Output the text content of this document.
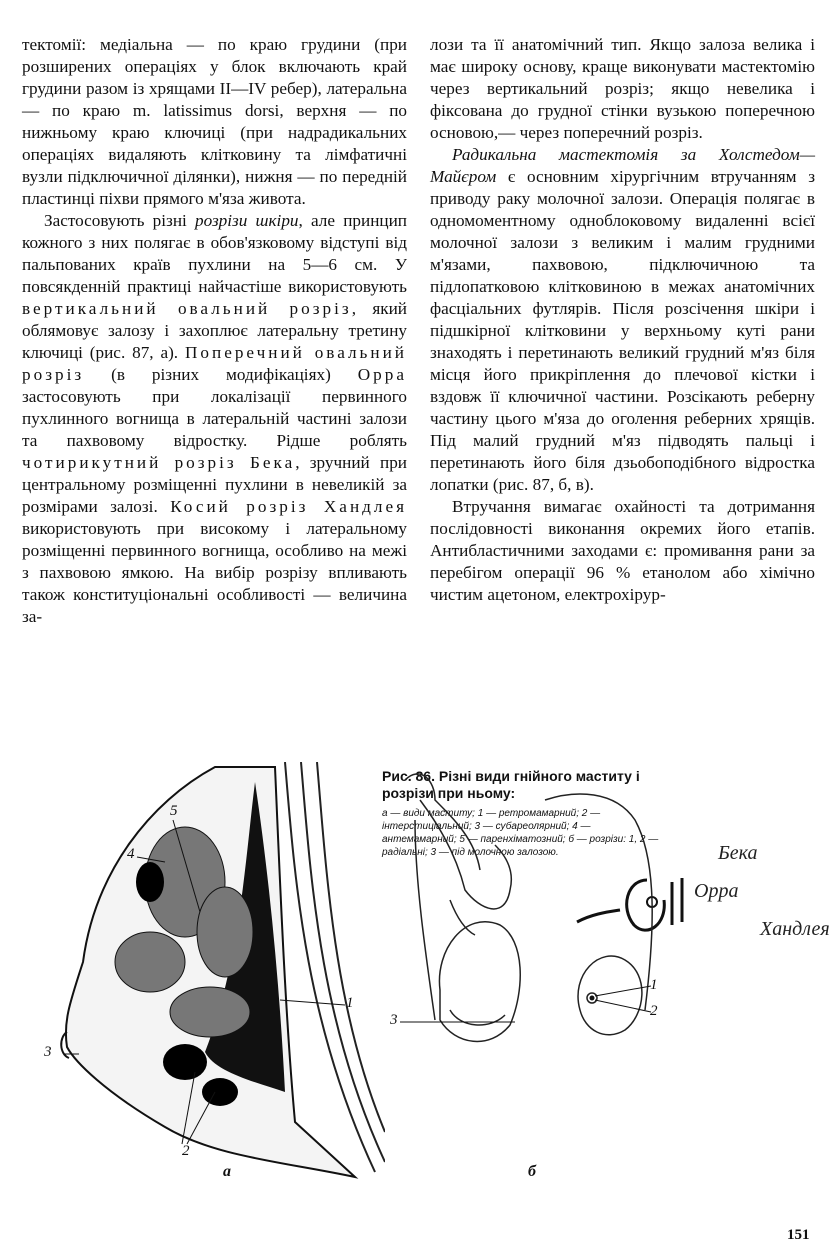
тектомії: медіальна — по краю грудини (при розширених операціях у блок включають край грудини разом із хрящами II—IV ребер), латеральна — по краю m. latissimus dorsi, верхня — по нижньому краю ключиці (при надрадикальних операціях видаляють клітковину та лімфатичні вузли підключичної ділянки), нижня — по передній пластинці піхви прямого м'яза живота.

Застосовують різні розрізи шкіри, але принцип кожного з них полягає в обов'язковому відступі від пальпованих країв пухлини на 5—6 см. У повсякденній практиці найчастіше використовують вертикальний овальний розріз, який облямовує залозу і захоплює латеральну третину ключиці (рис. 87, а). Поперечний овальний розріз (в різних модифікаціях) Орра застосовують при локалізації первинного пухлинного вогнища в латеральній частині залози та пахвовому відростку. Рідше роблять чотирикутний розріз Бека, зручний при центральному розміщенні пухлини в невеликій за розмірами залозі. Косий розріз Хандлея використовують при високому і латеральному розміщенні первинного вогнища, особливо на межі з пахвовою ямкою. На вибір розрізу впливають також конституціональні особливості — величина за-

лози та її анатомічний тип. Якщо залоза велика і має широку основу, краще виконувати мастектомію через вертикальний розріз; якщо невелика і фіксована до грудної стінки вузькою поперечною основою,— через поперечний розріз.

Радикальна мастектомія за Холстедом—Майєром є основним хірургічним втручанням з приводу раку молочної залози. Операція полягає в одномоментному одноблоковому видаленні всієї молочної залози з великим і малим грудними м'язами, пахвовою, підключичною та підлопатковою клітковиною в межах анатомічних фасціальних футлярів. Після розсічення шкіри і підшкірної клітковини у верхньому куті рани знаходять і перетинають великий грудний м'яз біля місця його прикріплення до плечової кістки і вздовж її ключичної частини. Розсікають реберну частину цього м'яза до оголення реберних хрящів. Під малий грудний м'яз підводять пальці і перетинають його біля дзьобоподібного відростка лопатки (рис. 87, б, в).

Втручання вимагає охайності та дотримання послідовності виконання окремих його етапів. Антибластичними заходами є: промивання рани за перебігом операції 96 % етанолом або хімічно чистим ацетоном, електрохірур-

1
2
3
4
5
а
Рис. 86. Різні види гнійного маститу і розрізи при ньому:
а — види маститу; 1 — ретромамарний; 2 — інтерстиціальний; 3 — субареолярний; 4 — антемамарний; 5 — паренхіматозний; б — розрізи: 1, 2 — радіальні; 3 — під молочною залозою.	Бека
Орра
Хандлея
1
2
3
б
151
